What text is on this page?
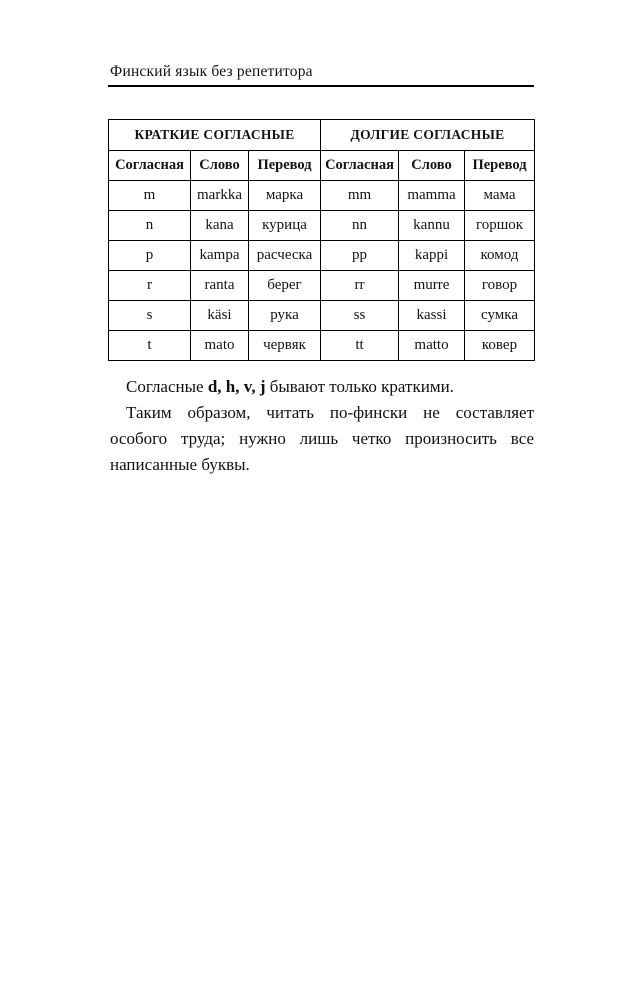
Финский язык без репетитора
КРАТКИЕ СОГЛАСНЫЕ			ДОЛГИЕ СОГЛАСНЫЕ		
Согласная	Слово	Перевод	Согласная	Слово	Перевод
m	markka	марка	mm	mamma	мама
n	kana	курица	nn	kannu	горшок
p	kampa	расческа	pp	kappi	комод
r	ranta	берег	rr	murre	говор
s	käsi	рука	ss	kassi	сумка
t	mato	червяк	tt	matto	ковер

Согласные d, h, v, j бывают только краткими.

Таким образом, читать по-фински не составляет особого труда; нужно лишь четко произносить все написанные буквы.
